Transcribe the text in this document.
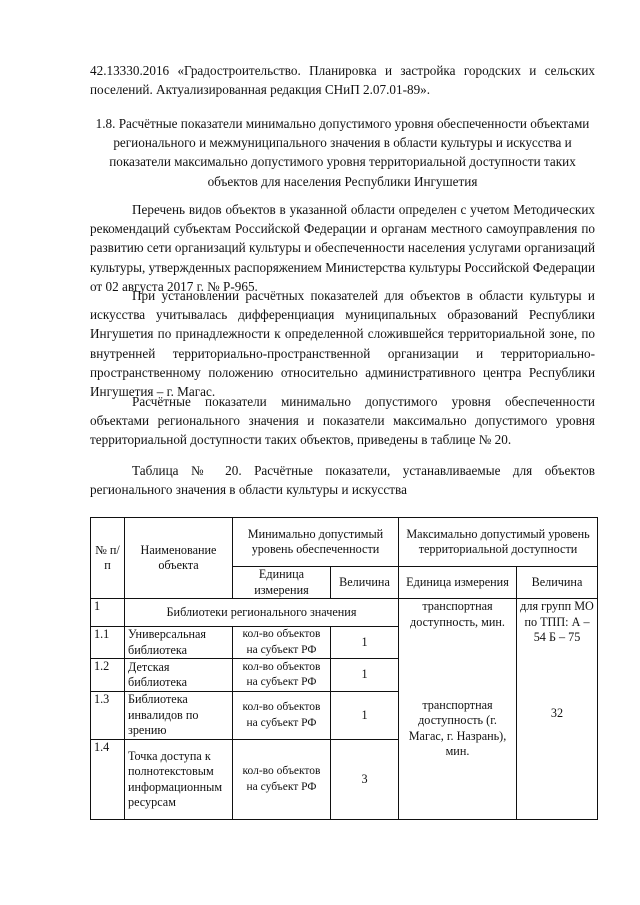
42.13330.2016 «Градостроительство. Планировка и застройка городских и сельских поселений. Актуализированная редакция СНиП 2.07.01-89».

1.8. Расчётные показатели минимально допустимого уровня обеспеченности объектами регионального и межмуниципального значения в области культуры и искусства и показатели максимально допустимого уровня территориальной доступности таких объектов для населения Республики Ингушетия

Перечень видов объектов в указанной области определен с учетом Методических рекомендаций субъектам Российской Федерации и органам местного самоуправления по развитию сети организаций культуры и обеспеченности населения услугами организаций культуры, утвержденных распоряжением Министерства культуры Российской Федерации от 02 августа 2017 г. № Р-965.

При установлении расчётных показателей для объектов в области культуры и искусства учитывалась дифференциация муниципальных образований Республики Ингушетия по принадлежности к определенной сложившейся территориальной зоне, по внутренней территориально-пространственной организации и территориально-пространственному положению относительно административного центра Республики Ингушетия – г. Магас.

Расчётные показатели минимально допустимого уровня обеспеченности объектами регионального значения и показатели максимально допустимого уровня территориальной доступности таких объектов, приведены в таблице № 20.

Таблица № 20. Расчётные показатели, устанавливаемые для объектов регионального значения в области культуры и искусства

№ п/п	Наименование объекта	Минимально допустимый уровень обеспеченности		Максимально допустимый уровень территориальной доступности	
		Единица измерения	Величина	Единица измерения	Величина
1	Библиотеки регионального значения			транспортная доступность, мин.	для групп МО по ТПП: А – 54 Б – 75
1.1	Универсальная библиотека	кол-во объектов на субъект РФ	1		
1.2	Детская библиотека	кол-во объектов на субъект РФ	1		
1.3	Библиотека инвалидов по зрению	кол-во объектов на субъект РФ	1	транспортная доступность (г. Магас, г. Назрань), мин.	32
1.4	Точка доступа к полнотекстовым информационным ресурсам	кол-во объектов на субъект РФ	3		
